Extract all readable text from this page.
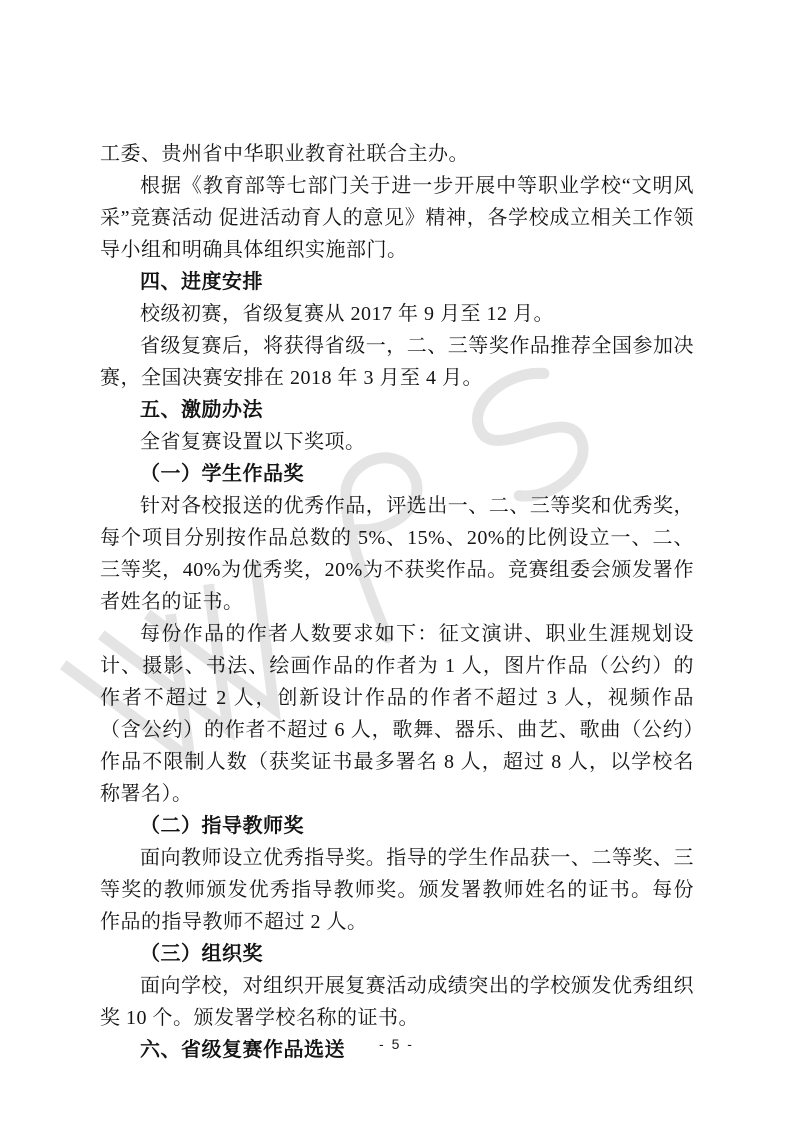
工委、贵州省中华职业教育社联合主办。

根据《教育部等七部门关于进一步开展中等职业学校“文明风采”竞赛活动 促进活动育人的意见》精神，各学校成立相关工作领导小组和明确具体组织实施部门。

四、进度安排

校级初赛，省级复赛从 2017 年 9 月至 12 月。

省级复赛后，将获得省级一，二、三等奖作品推荐全国参加决赛，全国决赛安排在 2018 年 3 月至 4 月。

五、激励办法

全省复赛设置以下奖项。

（一）学生作品奖

针对各校报送的优秀作品，评选出一、二、三等奖和优秀奖，每个项目分别按作品总数的 5%、15%、20%的比例设立一、二、三等奖，40%为优秀奖，20%为不获奖作品。竞赛组委会颁发署作者姓名的证书。

每份作品的作者人数要求如下：征文演讲、职业生涯规划设计、摄影、书法、绘画作品的作者为 1 人，图片作品（公约）的作者不超过 2 人，创新设计作品的作者不超过 3 人，视频作品（含公约）的作者不超过 6 人，歌舞、器乐、曲艺、歌曲（公约）作品不限制人数（获奖证书最多署名 8 人，超过 8 人，以学校名称署名）。

（二）指导教师奖

面向教师设立优秀指导奖。指导的学生作品获一、二等奖、三等奖的教师颁发优秀指导教师奖。颁发署教师姓名的证书。每份作品的指导教师不超过 2 人。

（三）组织奖

面向学校，对组织开展复赛活动成绩突出的学校颁发优秀组织奖 10 个。颁发署学校名称的证书。

六、省级复赛作品选送	- 5 -
